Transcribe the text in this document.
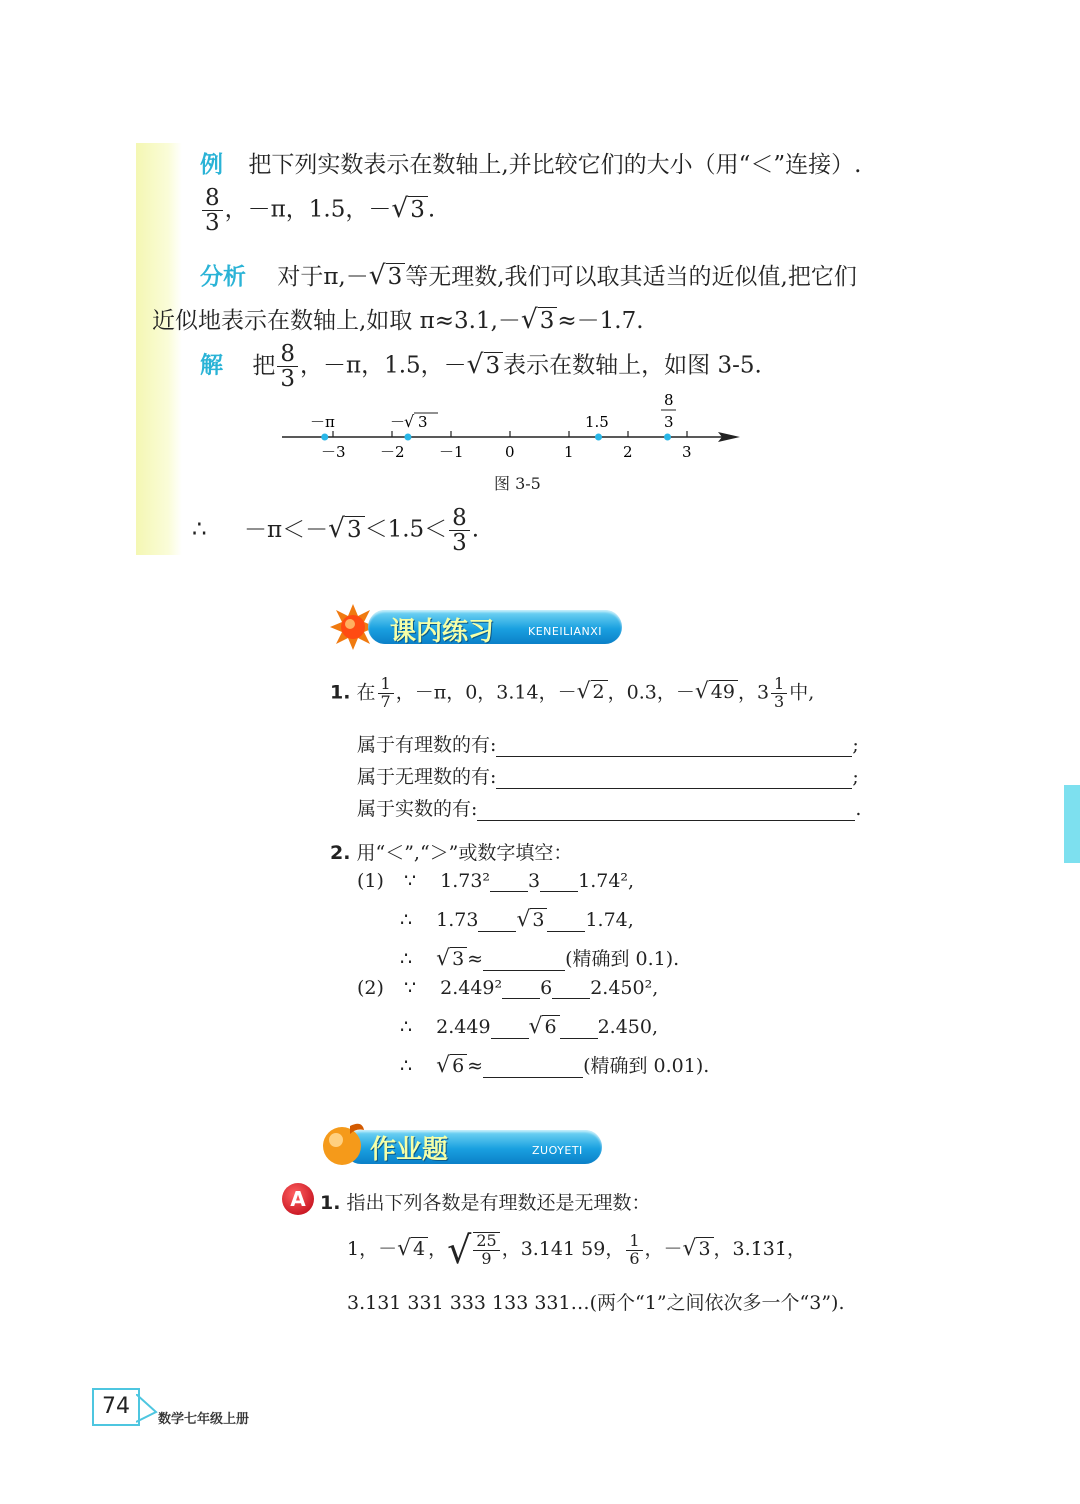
例 把下列实数表示在数轴上,并比较它们的大小（用“＜”连接）.
$\frac{8}{3}$ ，－π，1.5，－√3 .
分析 对于π,－√3 等无理数,我们可以取其适当的近似值,把它们
近似地表示在数轴上,如取 π≈3.1,－√3 ≈－1.7.
解 把 $\frac{8}{3}$ ，－π，1.5，－√3 表示在数轴上，如图 3-5.
－3 －2 －1	0	1	2	3
－π	－
√ 3	1.5
8
3
图 3-5
∴ $-\pi<-√3 <1.5< \frac{8}{3}$ .
课内练习	KENEILIANXI
1. 在 $\frac{1}{7}$ ，－π，0，3.14，－√ 2 ，0.3，－√ 49 ，$3 \frac{1}{3}$ 中,
属于有理数的有:	;
属于无理数的有:	;
属于实数的有:	.
2. 用“＜”,“＞”或数字填空：
(1) ∵ 1.73² 3 1.74²,
∴ 1.73 √ 3 1.74,
∴ √ 3 ≈	(精确到 0.1).
(2) ∵ 2.449² 6 2.450²,
∴ 2.449 √ 6 2.450,
∴ √ 6 ≈	(精确到 0.01).
作业题	ZUOYETI
A 1. 指出下列各数是有理数还是无理数：
1，－√ 4 ，√ $\frac{25}{9}$ ，3.141 59， $\frac{1}{6}$ ，－√ 3 ，3.1̇3̇1̇，
3.131 331 333 133 331…(两个“1”之间依次多一个“3”).
74
数学七年级上册
